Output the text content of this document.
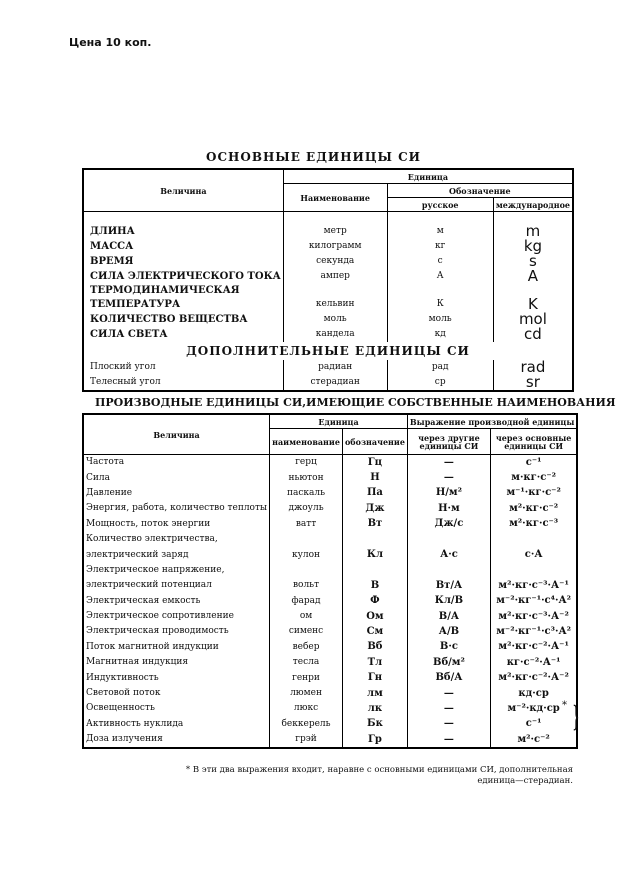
Цена 10 коп.
ОСНОВНЫЕ ЕДИНИЦЫ СИ
Величина	Единица		
	Наименование	Обозначение	
		русское	международное

ДЛИНА	метр	м	m
МАССА	килограмм	кг	kg
ВРЕМЯ	секунда	с	s
СИЛА ЭЛЕКТРИЧЕСКОГО ТОКА	ампер	А	A
ТЕРМОДИНАМИЧЕСКАЯ			
ТЕМПЕРАТУРА	кельвин	К	K
КОЛИЧЕСТВО ВЕЩЕСТВА	моль	моль	mol
СИЛА СВЕТА	кандела	кд	cd
ДОПОЛНИТЕЛЬНЫЕ ЕДИНИЦЫ СИ			
Плоский угол	радиан	рад	rad
Телесный угол	стерадиан	ср	sr
ПРОИЗВОДНЫЕ ЕДИНИЦЫ СИ,ИМЕЮЩИЕ СОБСТВЕННЫЕ НАИМЕНОВАНИЯ
Величина	Единица		Выражение производной единицы	
	наименование	обозначение	через другие единицы СИ	через основные единицы СИ
Частота	герц	Гц	—	с⁻¹
Сила	ньютон	Н	—	м·кг·с⁻²
Давление	паскаль	Па	Н/м²	м⁻¹·кг·с⁻²
Энергия, работа, количество теплоты	джоуль	Дж	Н·м	м²·кг·с⁻²
Мощность, поток энергии	ватт	Вт	Дж/с	м²·кг·с⁻³
Количество электричества,				
электрический заряд	кулон	Кл	А·с	с·А
Электрическое напряжение,				
электрический потенциал	вольт	В	Вт/А	м²·кг·с⁻³·А⁻¹
Электрическая емкость	фарад	Ф	Кл/В	м⁻²·кг⁻¹·с⁴·А²
Электрическое сопротивление	ом	Ом	В/А	м²·кг·с⁻³·А⁻²
Электрическая проводимость	сименс	См	А/В	м⁻²·кг⁻¹·с³·А²
Поток магнитной индукции	вебер	Вб	В·с	м²·кг·с⁻²·А⁻¹
Магнитная индукция	тесла	Тл	Вб/м²	кг·с⁻²·А⁻¹
Индуктивность	генри	Гн	Вб/А	м²·кг·с⁻²·А⁻²
Световой поток	люмен	лм	—	кд·ср
Освещенность	люкс	лк	—	м⁻²·кд·ср
Активность нуклида	беккерель	Бк	—	с⁻¹
Доза излучения	грэй	Гр	—	м²·с⁻²
* }
* В эти два выражения входит, наравне с основными единицами СИ, дополнительная
единица—стерадиан.
